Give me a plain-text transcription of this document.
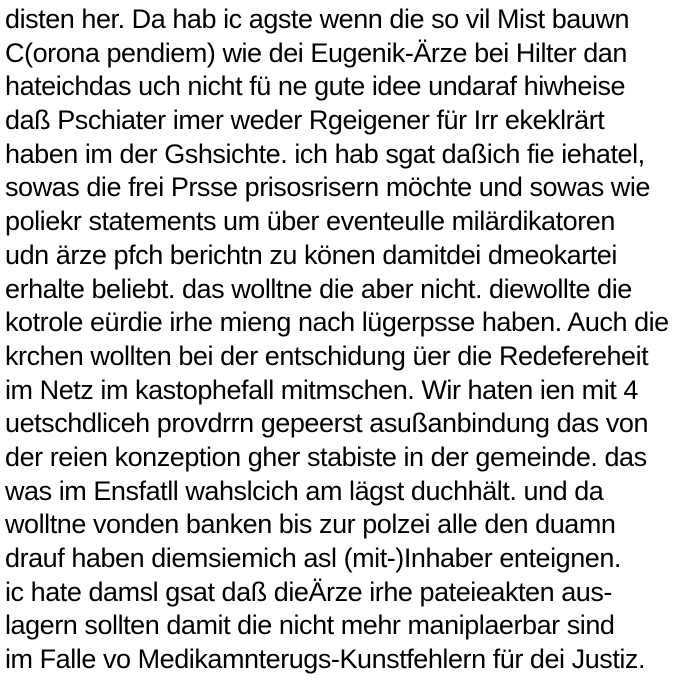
disten her. Da hab ic agste wenn die so vil Mist bauwn
C(orona pendiem) wie dei Eugenik-Ärze bei Hilter dan
hateichdas uch nicht fü ne gute idee undaraf hiwheise
daß Pschiater imer weder Rgeigener für Irr ekeklrärt
haben im der Gshsichte. ich hab sgat daßich fie iehatel,
sowas die frei Prsse prisosrisern möchte und sowas wie
poliekr statements um über eventeulle milärdikatoren
udn ärze pfch berichtn zu könen damitdei dmeokartei
erhalte beliebt. das wolltne die aber nicht. diewollte die
kotrole eürdie irhe mieng nach lügerpsse haben. Auch die
krchen wollten bei der entschidung üer die Redefereheit
im Netz im kastophefall mitmschen. Wir haten ien mit 4
uetschdliceh provdrrn gepeerst asußanbindung das von
der reien konzeption gher stabiste in der gemeinde. das
was im Ensfatll wahslcich am lägst duchhält. und da
wolltne vonden banken bis zur polzei alle den duamn
drauf haben diemsiemich asl (mit-)Inhaber enteignen.
ic hate damsl gsat daß dieÄrze irhe pateieakten aus-
lagern sollten damit die nicht mehr maniplaerbar sind
im Falle vo Medikamnterugs-Kunstfehlern für dei Justiz.
